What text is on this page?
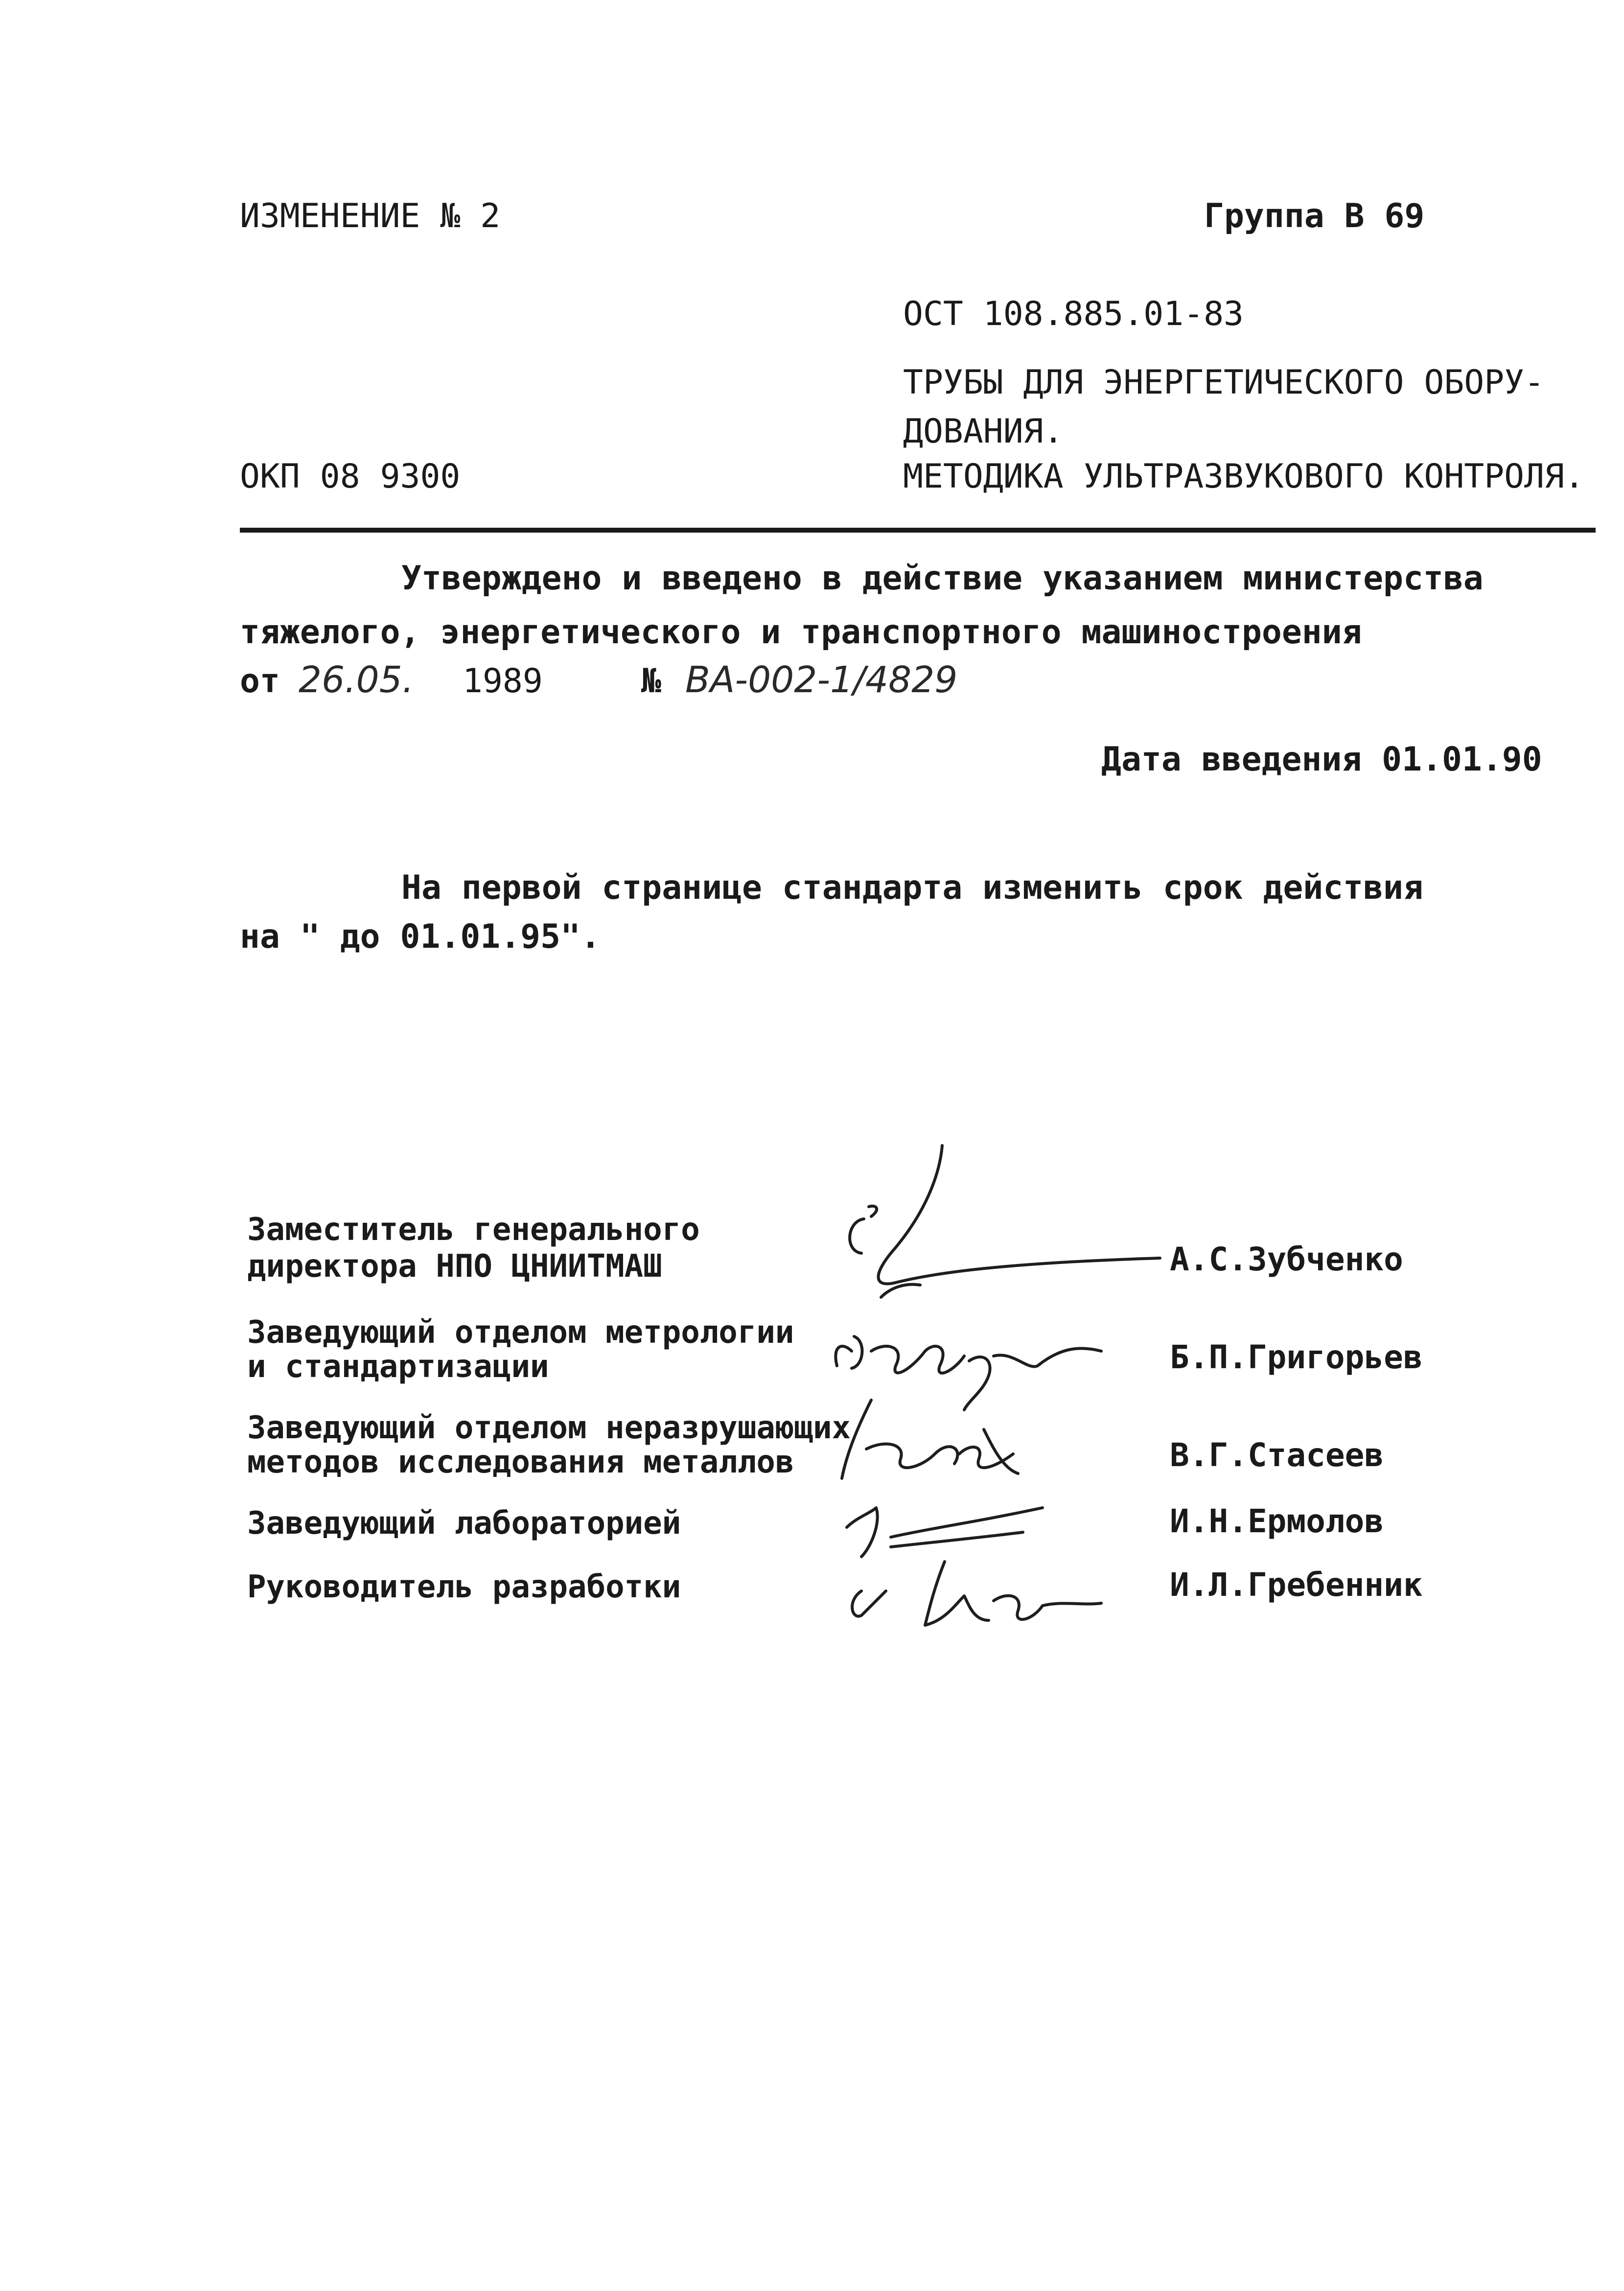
ИЗМЕНЕНИЕ № 2	Группа В 69
ОСТ 108.885.01-83
ТРУБЫ ДЛЯ ЭНЕРГЕТИЧЕСКОГО ОБОРУ-
ДОВАНИЯ.
ОКП 08 9300	МЕТОДИКА УЛЬТРАЗВУКОВОГО КОНТРОЛЯ.
Утверждено и введено в действие указанием министерства
тяжелого, энергетического и транспортного машиностроения
от 26.05. 1989	№ ВА-002-1/4829
Дата введения 01.01.90
На первой странице стандарта изменить срок действия
на " до 01.01.95".
Заместитель генерального
директора НПО ЦНИИТМАШ	А.С.Зубченко
Заведующий отделом метрологии
и стандартизации	Б.П.Григорьев
Заведующий отделом неразрушающих
методов исследования металлов	В.Г.Стасеев
Заведующий лабораторией	И.Н.Ермолов
Руководитель разработки	И.Л.Гребенник
